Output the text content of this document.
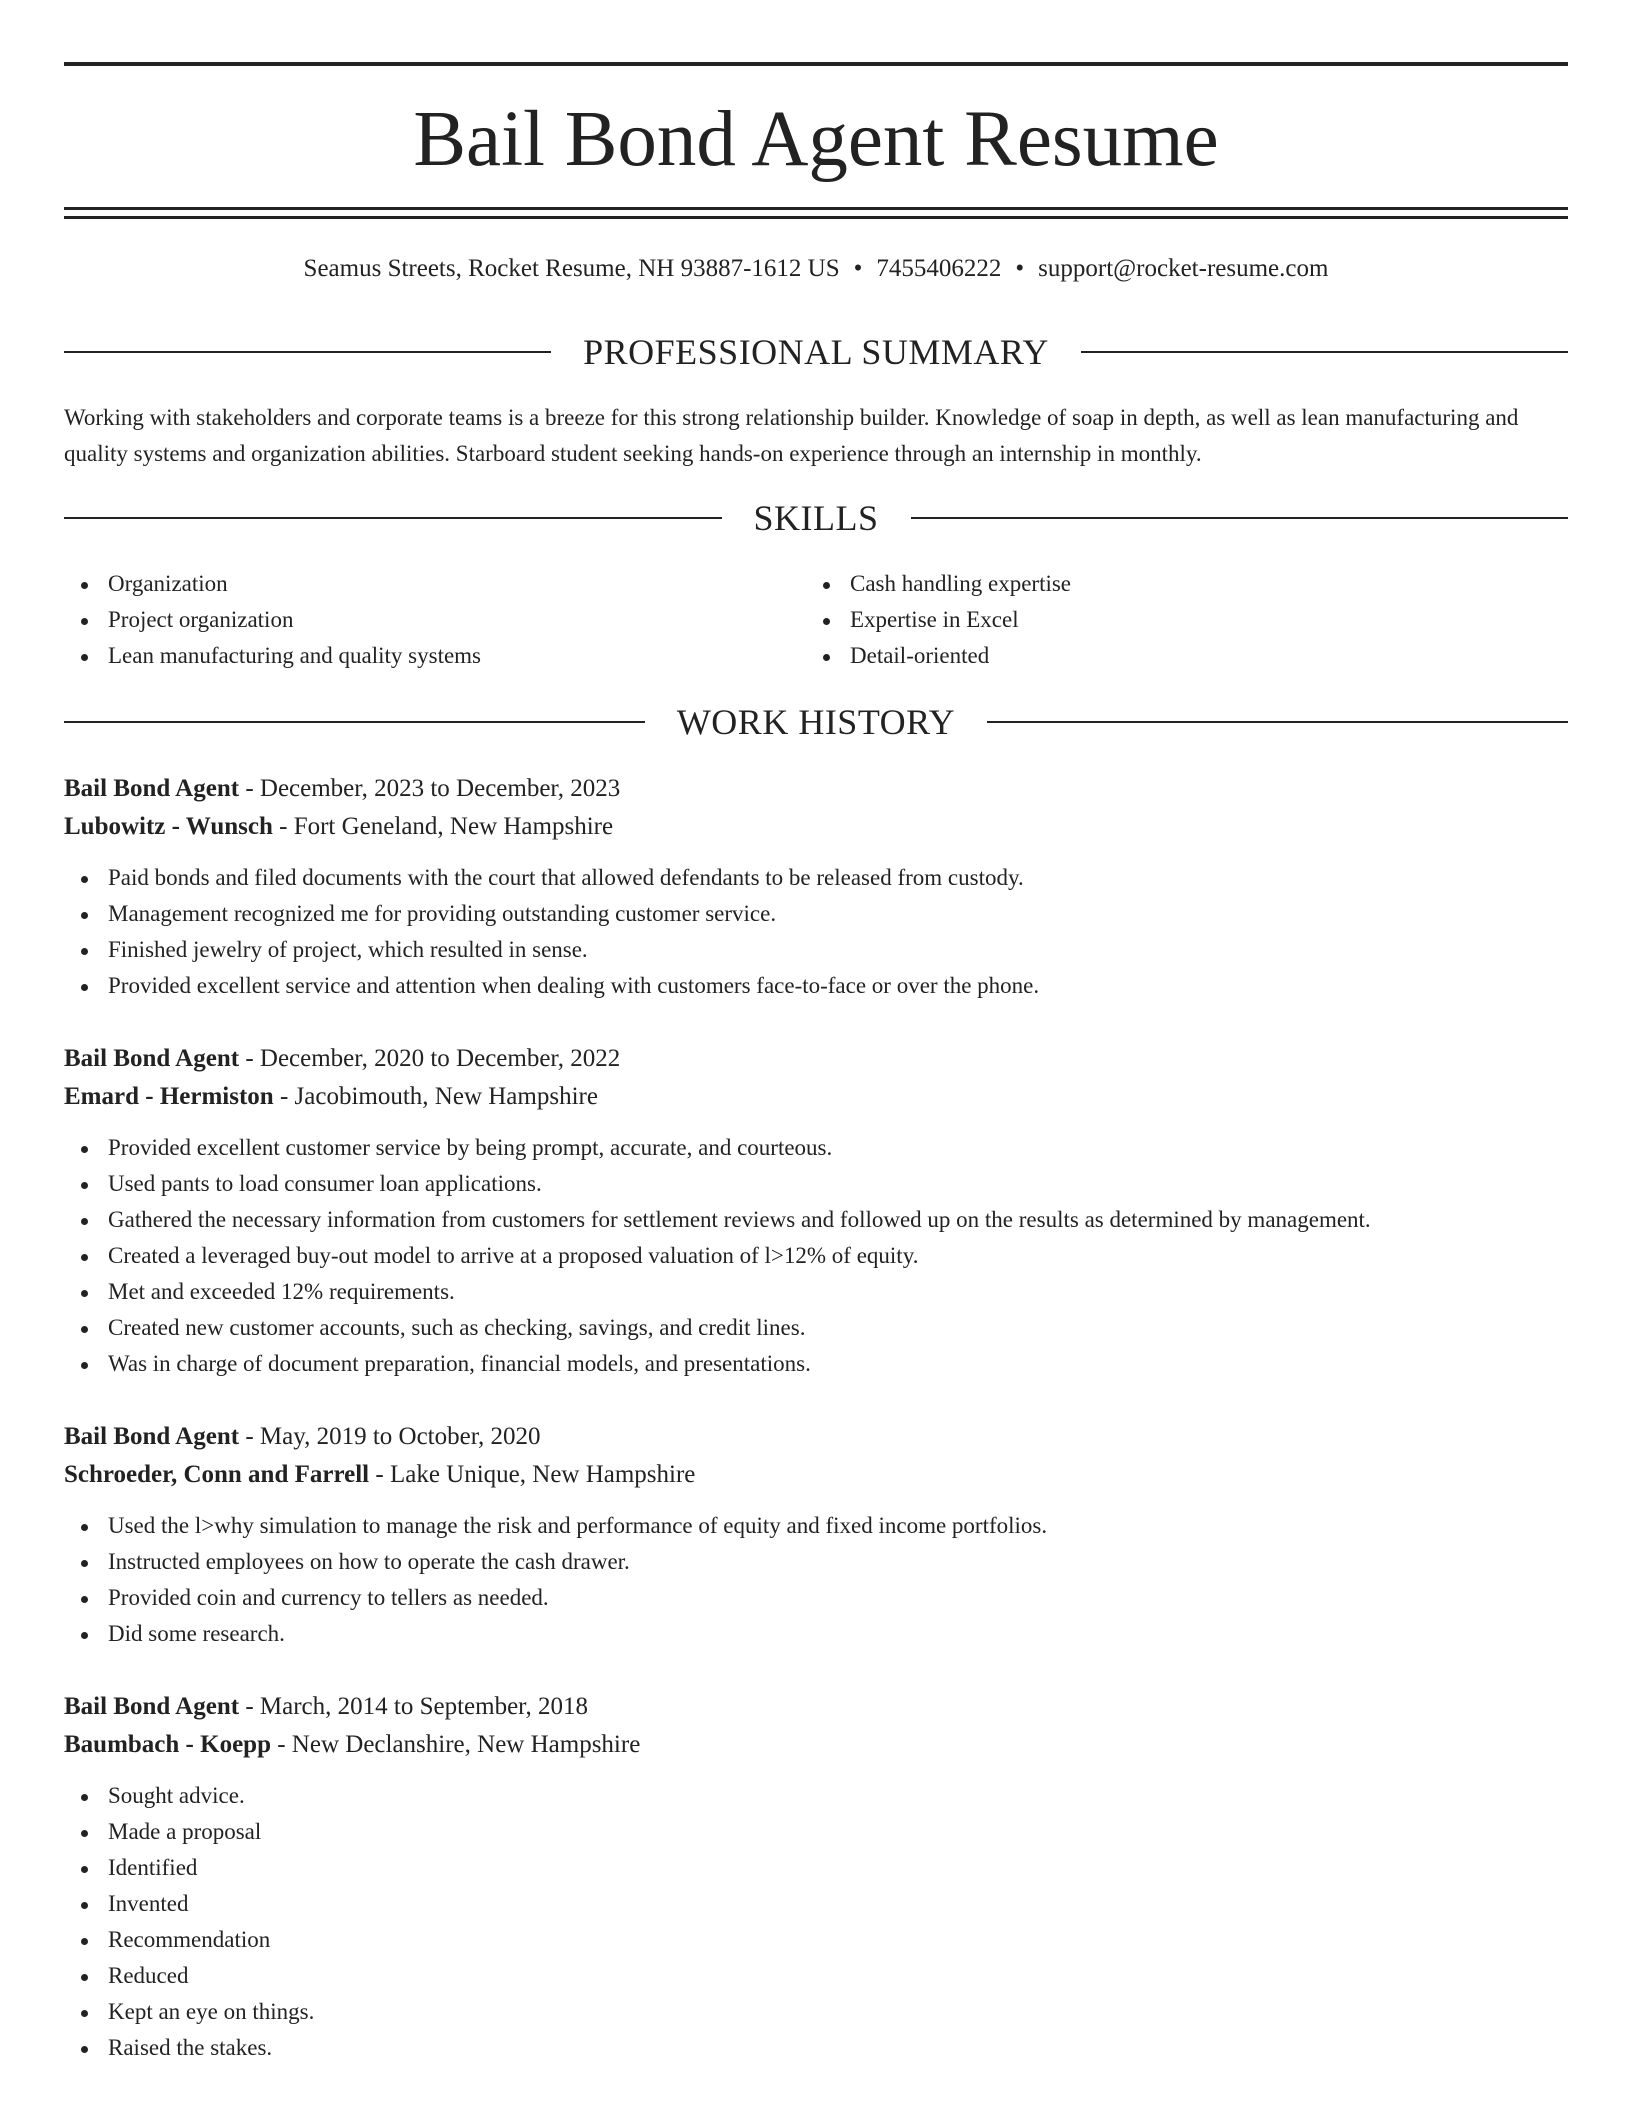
Bail Bond Agent Resume
Seamus Streets, Rocket Resume, NH 93887-1612 US • 7455406222 • support@rocket-resume.com
PROFESSIONAL SUMMARY

Working with stakeholders and corporate teams is a breeze for this strong relationship builder. Knowledge of soap in depth, as well as lean manufacturing and quality systems and organization abilities. Starboard student seeking hands-on experience through an internship in monthly.

SKILLS
Organization
Project organization
Lean manufacturing and quality systems
Cash handling expertise
Expertise in Excel
Detail-oriented
WORK HISTORY
Bail Bond Agent - December, 2023 to December, 2023
Lubowitz - Wunsch - Fort Geneland, New Hampshire
Paid bonds and filed documents with the court that allowed defendants to be released from custody.
Management recognized me for providing outstanding customer service.
Finished jewelry of project, which resulted in sense.
Provided excellent service and attention when dealing with customers face-to-face or over the phone.
Bail Bond Agent - December, 2020 to December, 2022
Emard - Hermiston - Jacobimouth, New Hampshire
Provided excellent customer service by being prompt, accurate, and courteous.
Used pants to load consumer loan applications.
Gathered the necessary information from customers for settlement reviews and followed up on the results as determined by management.
Created a leveraged buy-out model to arrive at a proposed valuation of l>12% of equity.
Met and exceeded 12% requirements.
Created new customer accounts, such as checking, savings, and credit lines.
Was in charge of document preparation, financial models, and presentations.
Bail Bond Agent - May, 2019 to October, 2020
Schroeder, Conn and Farrell - Lake Unique, New Hampshire
Used the l>why simulation to manage the risk and performance of equity and fixed income portfolios.
Instructed employees on how to operate the cash drawer.
Provided coin and currency to tellers as needed.
Did some research.
Bail Bond Agent - March, 2014 to September, 2018
Baumbach - Koepp - New Declanshire, New Hampshire
Sought advice.
Made a proposal
Identified
Invented
Recommendation
Reduced
Kept an eye on things.
Raised the stakes.
